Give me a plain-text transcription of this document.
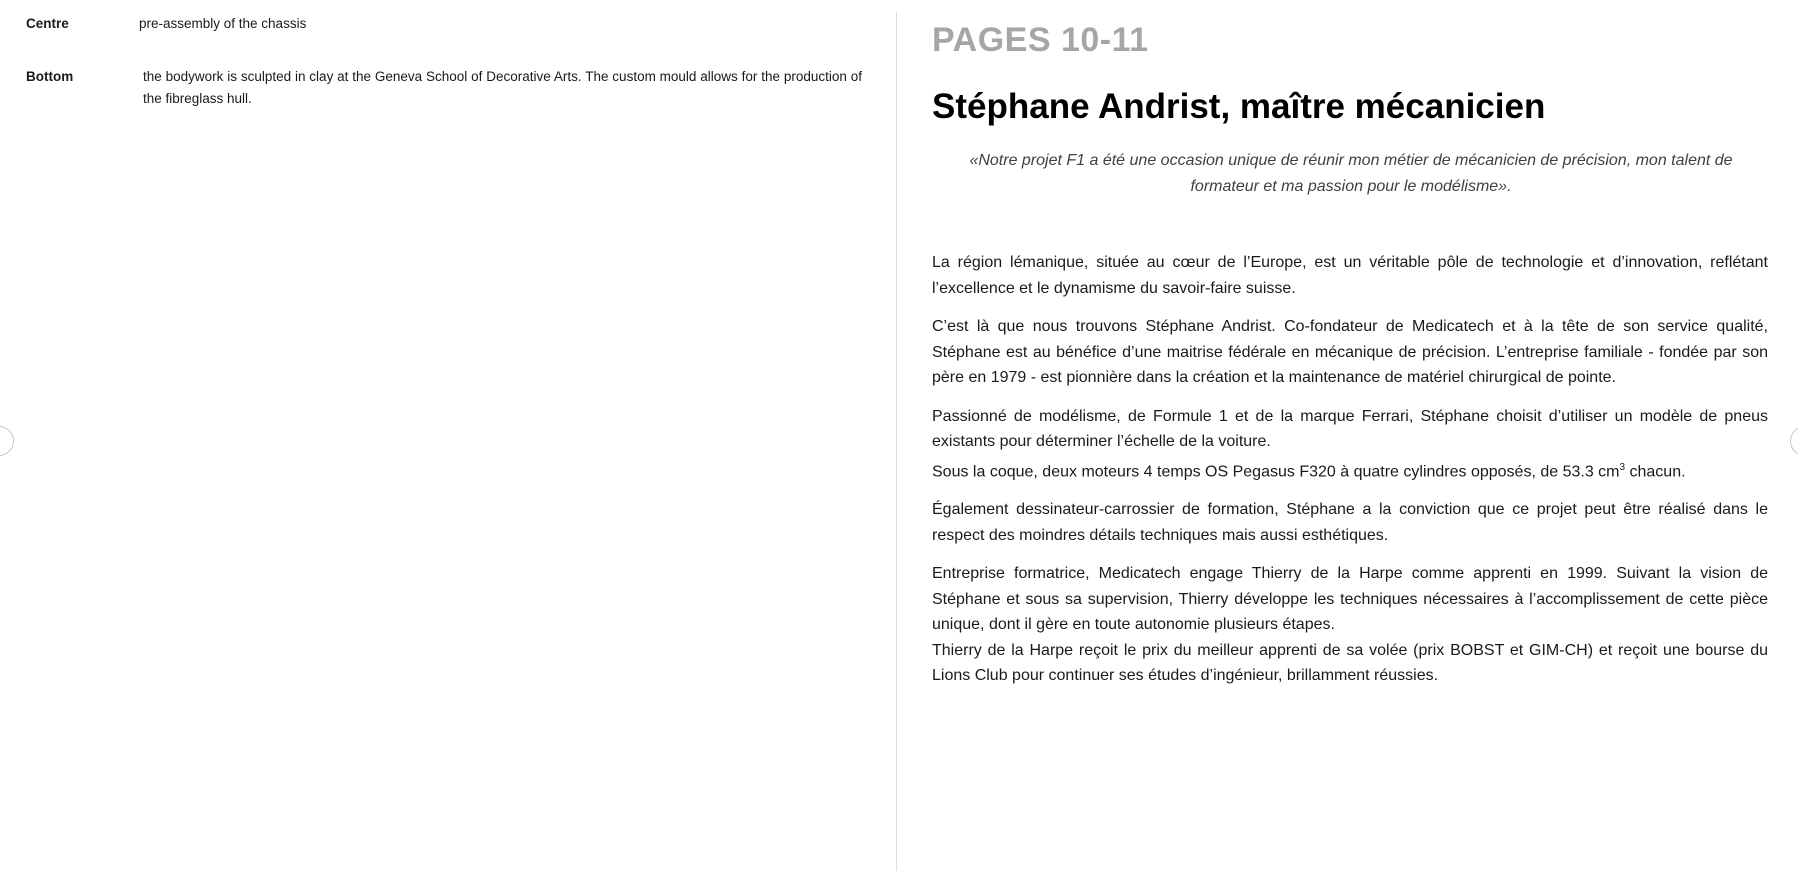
Centre	pre-assembly of the chassis
Bottom	the bodywork is sculpted in clay at the Geneva School of Decorative Arts. The custom mould allows for the production of the fibreglass hull.
PAGES 10-11
Stéphane Andrist, maître mécanicien

«Notre projet F1 a été une occasion unique de réunir mon métier de mécanicien de précision, mon talent de formateur et ma passion pour le modélisme».

La région lémanique, située au cœur de l’Europe, est un véritable pôle de technologie et d’innovation, reflétant l’excellence et le dynamisme du savoir-faire suisse.

C’est là que nous trouvons Stéphane Andrist. Co-fondateur de Medicatech et à la tête de son service qualité, Stéphane est au bénéfice d’une maitrise fédérale en mécanique de précision. L’entreprise familiale - fondée par son père en 1979 - est pionnière dans la création et la maintenance de matériel chirurgical de pointe.

Passionné de modélisme, de Formule 1 et de la marque Ferrari, Stéphane choisit d’utiliser un modèle de pneus existants pour déterminer l’échelle de la voiture.
Sous la coque, deux moteurs 4 temps OS Pegasus F320 à quatre cylindres opposés, de 53.3 $cm^3$ chacun.

Également dessinateur-carrossier de formation, Stéphane a la conviction que ce projet peut être réalisé dans le respect des moindres détails techniques mais aussi esthétiques.

Entreprise formatrice, Medicatech engage Thierry de la Harpe comme apprenti en 1999. Suivant la vision de Stéphane et sous sa supervision, Thierry développe les techniques nécessaires à l’accomplissement de cette pièce unique, dont il gère en toute autonomie plusieurs étapes.
Thierry de la Harpe reçoit le prix du meilleur apprenti de sa volée (prix BOBST et GIM-CH) et reçoit une bourse du Lions Club pour continuer ses études d’ingénieur, brillamment réussies.
